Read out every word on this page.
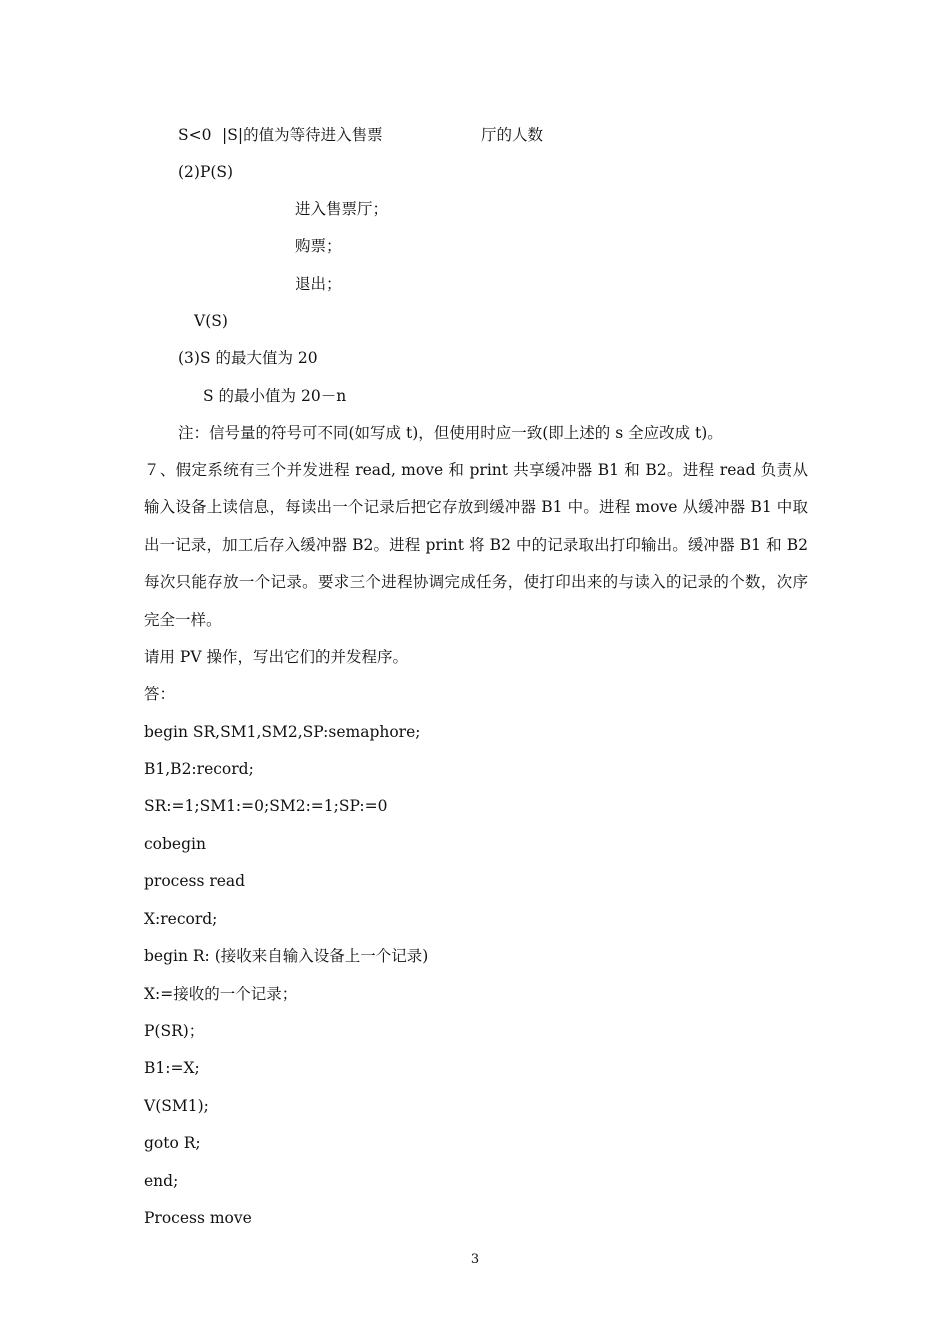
S<0 |S|的值为等待进入售票	厅的人数
(2)P(S)
进入售票厅；
购票；
退出；
V(S)
(3)S 的最大值为 20
S 的最小值为 20－n
注：信号量的符号可不同(如写成 t)，但使用时应一致(即上述的 s 全应改成 t)。
７、假定系统有三个并发进程 read, move 和 print 共享缓冲器 B1 和 B2。进程 read 负责从输入设备上读信息，每读出一个记录后把它存放到缓冲器 B1 中。进程 move 从缓冲器 B1 中取出一记录，加工后存入缓冲器 B2。进程 print 将 B2 中的记录取出打印输出。缓冲器 B1 和 B2 每次只能存放一个记录。要求三个进程协调完成任务，使打印出来的与读入的记录的个数，次序完全一样。
请用 PV 操作，写出它们的并发程序。
答：
begin SR,SM1,SM2,SP:semaphore;
B1,B2:record;
SR:=1;SM1:=0;SM2:=1;SP:=0
cobegin
process read
X:record;
begin R: (接收来自输入设备上一个记录)
X:=接收的一个记录；
P(SR)；
B1:=X;
V(SM1);
goto R;
end;
Process move
3
